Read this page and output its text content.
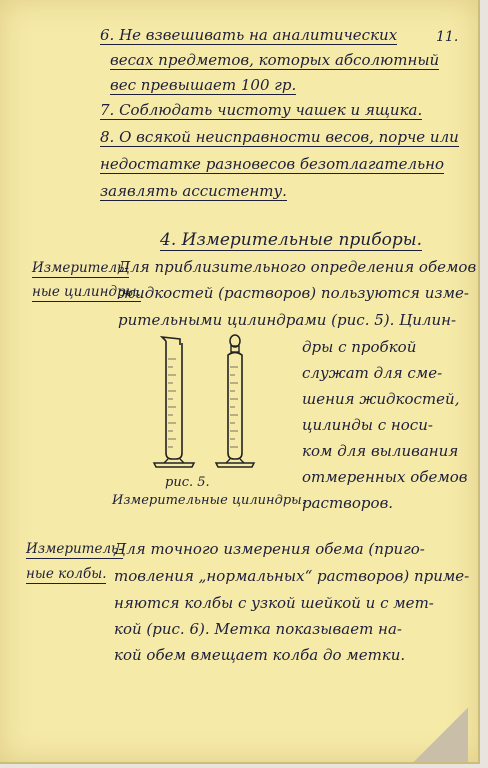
11.
6. Не взвешивать на аналитических
весах предметов, которых абсолютный
вес превышает 100 гр.
7. Соблюдать чистоту чашек и ящика.
8. О всякой неисправности весов, порче или
недостатке разновесов безотлагательно
заявлять ассистенту.
4. Измерительные приборы.
Измеритель-
ные цилиндры.
Для приблизительного определения обемов
жидкостей (растворов) пользуются изме-
рительными цилиндрами (рис. 5). Цилин-
дры с пробкой
служат для сме-
шения жидкостей,
цилинды с носи-
ком для выливания
отмеренных обемов
растворов.
рис. 5.
Измерительные цилиндры.
Измеритель-
ные колбы.
Для точного измерения обема (приго-
товления „нормальных“ растворов) приме-
няются колбы с узкой шейкой и с мет-
кой (рис. 6). Метка показывает на-
кой обем вмещает колба до метки.
